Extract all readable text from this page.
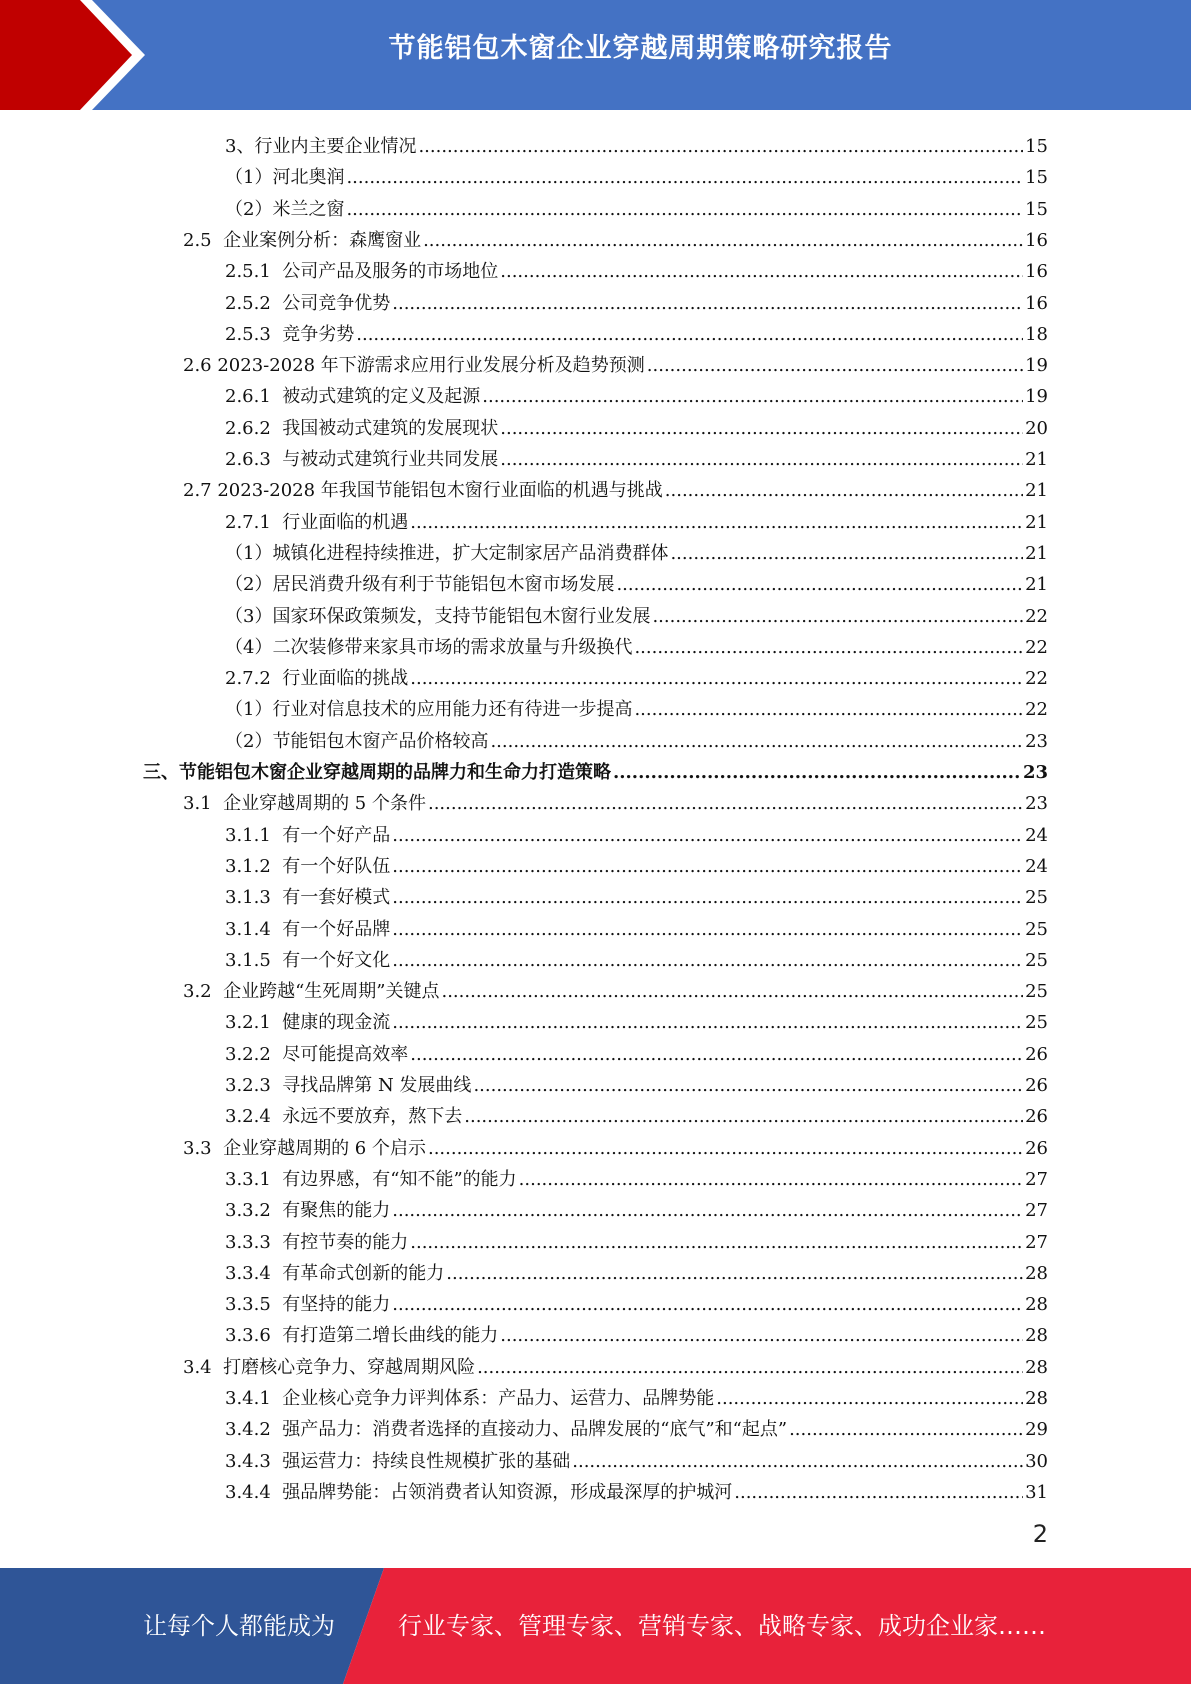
节能铝包木窗企业穿越周期策略研究报告
3、行业内主要企业情况 .....	15
（1）河北奥润 .....	15
（2）米兰之窗 .....	15
2.5  企业案例分析：森鹰窗业 .....	16
2.5.1  公司产品及服务的市场地位 .....	16
2.5.2  公司竞争优势 .....	16
2.5.3  竞争劣势 .....	18
2.6 2023-2028 年下游需求应用行业发展分析及趋势预测 .....	19
2.6.1  被动式建筑的定义及起源 .....	19
2.6.2  我国被动式建筑的发展现状 .....	20
2.6.3  与被动式建筑行业共同发展 .....	21
2.7 2023-2028 年我国节能铝包木窗行业面临的机遇与挑战 .....	21
2.7.1  行业面临的机遇 .....	21
（1）城镇化进程持续推进，扩大定制家居产品消费群体 .....	21
（2）居民消费升级有利于节能铝包木窗市场发展 .....	21
（3）国家环保政策频发，支持节能铝包木窗行业发展 .....	22
（4）二次装修带来家具市场的需求放量与升级换代 .....	22
2.7.2  行业面临的挑战 .....	22
（1）行业对信息技术的应用能力还有待进一步提高 .....	22
（2）节能铝包木窗产品价格较高 .....	23
三、节能铝包木窗企业穿越周期的品牌力和生命力打造策略 .....	23
3.1  企业穿越周期的 5 个条件 .....	23
3.1.1  有一个好产品 .....	24
3.1.2  有一个好队伍 .....	24
3.1.3  有一套好模式 .....	25
3.1.4  有一个好品牌 .....	25
3.1.5  有一个好文化 .....	25
3.2  企业跨越“生死周期”关键点 .....	25
3.2.1  健康的现金流 .....	25
3.2.2  尽可能提高效率 .....	26
3.2.3  寻找品牌第 N 发展曲线 .....	26
3.2.4  永远不要放弃，熬下去 .....	26
3.3  企业穿越周期的 6 个启示 .....	26
3.3.1  有边界感，有“知不能”的能力 .....	27
3.3.2  有聚焦的能力 .....	27
3.3.3  有控节奏的能力 .....	27
3.3.4  有革命式创新的能力 .....	28
3.3.5  有坚持的能力 .....	28
3.3.6  有打造第二增长曲线的能力 .....	28
3.4  打磨核心竞争力、穿越周期风险 .....	28
3.4.1  企业核心竞争力评判体系：产品力、运营力、品牌势能 .....	28
3.4.2  强产品力：消费者选择的直接动力、品牌发展的“底气”和“起点” .....	29
3.4.3  强运营力：持续良性规模扩张的基础 .....	30
3.4.4  强品牌势能：占领消费者认知资源，形成最深厚的护城河 .....	31
2
让每个人都能成为	行业专家、管理专家、营销专家、战略专家、成功企业家……
